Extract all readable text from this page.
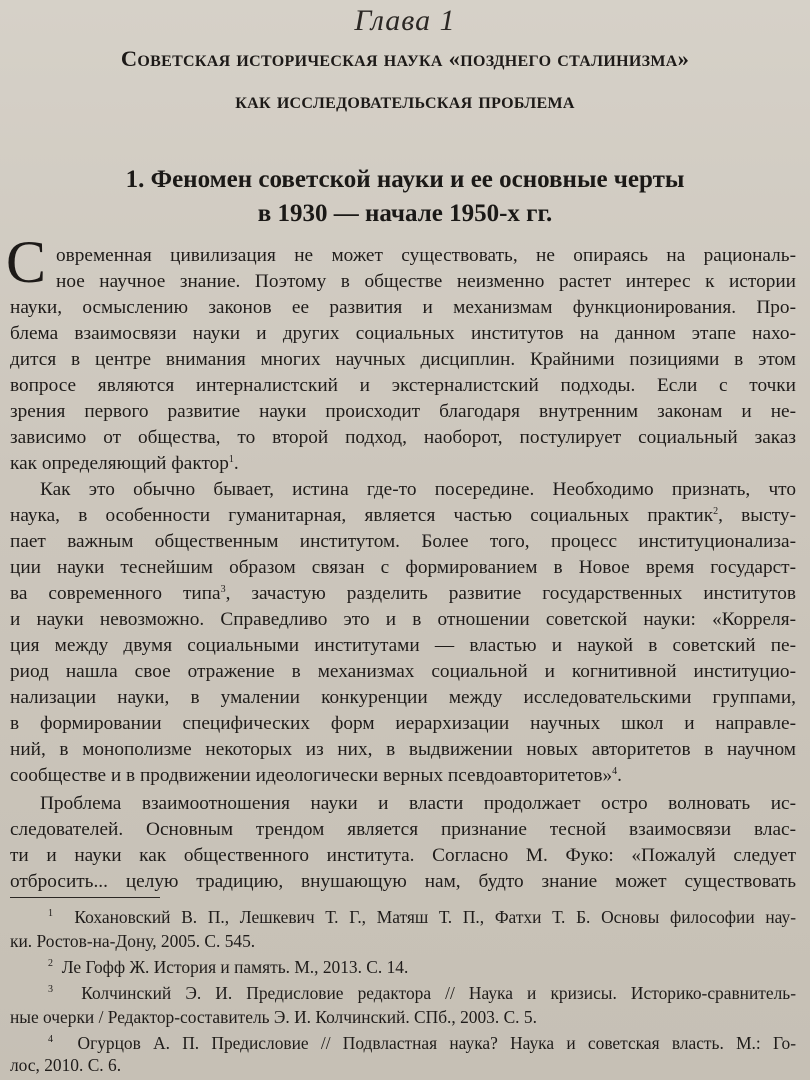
Глава 1
Советская историческая наука «позднего сталинизма»
как исследовательская проблема
1. Феномен советской науки и ее основные черты
в 1930 — начале 1950-х гг.
С овременная цивилизация не может существовать, не опираясь на рациональ-
ное научное знание. Поэтому в обществе неизменно растет интерес к истории
науки, осмыслению законов ее развития и механизмам функционирования. Про-
блема взаимосвязи науки и других социальных институтов на данном этапе нахо-
дится в центре внимания многих научных дисциплин. Крайними позициями в этом
вопросе являются интерналистский и экстерналистский подходы. Если с точки
зрения первого развитие науки происходит благодаря внутренним законам и не-
зависимо от общества, то второй подход, наоборот, постулирует социальный заказ
как определяющий фактор$^1$.
Как это обычно бывает, истина где-то посередине. Необходимо признать, что
наука, в особенности гуманитарная, является частью социальных практик$^2$, высту-
пает важным общественным институтом. Более того, процесс институционализа-
ции науки теснейшим образом связан с формированием в Новое время государст-
ва современного типа$^3$, зачастую разделить развитие государственных институтов
и науки невозможно. Справедливо это и в отношении советской науки: «Корреля-
ция между двумя социальными институтами — властью и наукой в советский пе-
риод нашла свое отражение в механизмах социальной и когнитивной институцио-
нализации науки, в умалении конкуренции между исследовательскими группами,
в формировании специфических форм иерархизации научных школ и направле-
ний, в монополизме некоторых из них, в выдвижении новых авторитетов в научном
сообществе и в продвижении идеологически верных псевдоавторитетов»$^4$.
Проблема взаимоотношения науки и власти продолжает остро волновать ис-
следователей. Основным трендом является признание тесной взаимосвязи влас-
ти и науки как общественного института. Согласно М. Фуко: «Пожалуй следует
отбросить... целую традицию, внушающую нам, будто знание может существовать
$^1$ Кохановский В. П., Лешкевич Т. Г., Матяш Т. П., Фатхи Т. Б. Основы философии нау-
ки. Ростов-на-Дону, 2005. С. 545.
$^2$ Ле Гофф Ж. История и память. М., 2013. С. 14.
$^3$ Колчинский Э. И. Предисловие редактора // Наука и кризисы. Историко-сравнитель-
ные очерки / Редактор-составитель Э. И. Колчинский. СПб., 2003. С. 5.
$^4$ Огурцов А. П. Предисловие // Подвластная наука? Наука и советская власть. М.: Го-
лос, 2010. С. 6.
